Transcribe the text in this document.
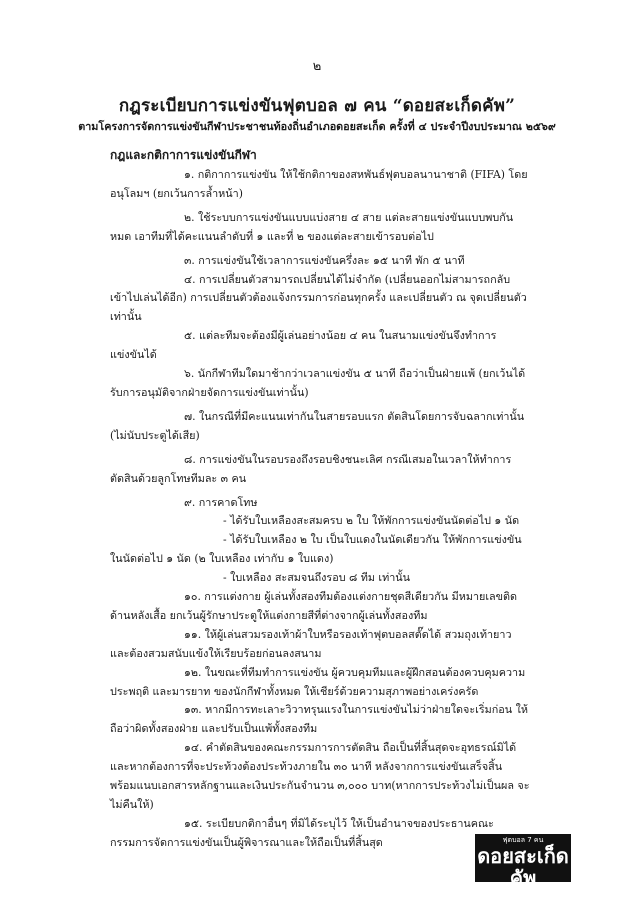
๒
กฎระเบียบการแข่งขันฟุตบอล ๗ คน “ดอยสะเก็ดคัพ”
ตามโครงการจัดการแข่งขันกีฬาประชาชนท้องถิ่นอำเภอดอยสะเก็ด ครั้งที่ ๔ ประจำปีงบประมาณ ๒๕๖๙
กฎและกติกาการแข่งขันกีฬา

๑. กติกาการแข่งขัน ให้ใช้กติกาของสหพันธ์ฟุตบอลนานาชาติ (FIFA) โดยอนุโลมฯ (ยกเว้นการล้ำหน้า)

๒. ใช้ระบบการแข่งขันแบบแบ่งสาย ๔ สาย แต่ละสายแข่งขันแบบพบกันหมด เอาทีมที่ได้คะแนนลำดับที่ ๑ และที่ ๒ ของแต่ละสายเข้ารอบต่อไป

๓. การแข่งขันใช้เวลาการแข่งขันครึ่งละ ๑๕ นาที พัก ๕ นาที

๔. การเปลี่ยนตัวสามารถเปลี่ยนได้ไม่จำกัด (เปลี่ยนออกไม่สามารถกลับเข้าไปเล่นได้อีก) การเปลี่ยนตัวต้องแจ้งกรรมการก่อนทุกครั้ง และเปลี่ยนตัว ณ จุดเปลี่ยนตัวเท่านั้น

๕. แต่ละทีมจะต้องมีผู้เล่นอย่างน้อย ๔ คน ในสนามแข่งขันจึงทำการแข่งขันได้

๖. นักกีฬาทีมใดมาช้ากว่าเวลาแข่งขัน ๕ นาที ถือว่าเป็นฝ่ายแพ้ (ยกเว้นได้รับการอนุมัติจากฝ่ายจัดการแข่งขันเท่านั้น)

๗. ในกรณีที่มีคะแนนเท่ากันในสายรอบแรก ตัดสินโดยการจับฉลากเท่านั้น (ไม่นับประตูได้เสีย)

๘. การแข่งขันในรอบรองถึงรอบชิงชนะเลิศ กรณีเสมอในเวลาให้ทำการตัดสินด้วยลูกโทษทีมละ ๓ คน

๙. การคาดโทษ

- ได้รับใบเหลืองสะสมครบ ๒ ใบ ให้พักการแข่งขันนัดต่อไป ๑ นัด

- ได้รับใบเหลือง ๒ ใบ เป็นใบแดงในนัดเดียวกัน ให้พักการแข่งขันในนัดต่อไป ๑ นัด (๒ ใบเหลือง เท่ากับ ๑ ใบแดง)

- ใบเหลือง สะสมจนถึงรอบ ๘ ทีม เท่านั้น

๑๐. การแต่งกาย ผู้เล่นทั้งสองทีมต้องแต่งกายชุดสีเดียวกัน มีหมายเลขติดด้านหลังเสื้อ ยกเว้นผู้รักษาประตูให้แต่งกายสีที่ต่างจากผู้เล่นทั้งสองทีม

๑๑. ให้ผู้เล่นสวมรองเท้าผ้าใบหรือรองเท้าฟุตบอลสตั๊ดได้ สวมถุงเท้ายาว และต้องสวมสนับแข้งให้เรียบร้อยก่อนลงสนาม

๑๒. ในขณะที่ทีมทำการแข่งขัน ผู้ควบคุมทีมและผู้ฝึกสอนต้องควบคุมความประพฤติ และมารยาท ของนักกีฬาทั้งหมด ให้เชียร์ด้วยความสุภาพอย่างเคร่งครัด

๑๓. หากมีการทะเลาะวิวาทรุนแรงในการแข่งขันไม่ว่าฝ่ายใดจะเริ่มก่อน ให้ถือว่าผิดทั้งสองฝ่าย และปรับเป็นแพ้ทั้งสองทีม

๑๔. คำตัดสินของคณะกรรมการการตัดสิน ถือเป็นที่สิ้นสุดจะอุทธรณ์มิได้ และหากต้องการที่จะประท้วงต้องประท้วงภายใน ๓๐ นาที หลังจากการแข่งขันเสร็จสิ้น พร้อมแนบเอกสารหลักฐานและเงินประกันจำนวน ๓,๐๐๐ บาท(หากการประท้วงไม่เป็นผล จะไม่คืนให้)

๑๕. ระเบียบกติกาอื่นๆ ที่มิได้ระบุไว้ ให้เป็นอำนาจของประธานคณะกรรมการจัดการแข่งขันเป็นผู้พิจารณาและให้ถือเป็นที่สิ้นสุด	ฟุตบอล 7 คน
ดอยสะเก็ดคัพ
14-15 มีนาคม 2569
